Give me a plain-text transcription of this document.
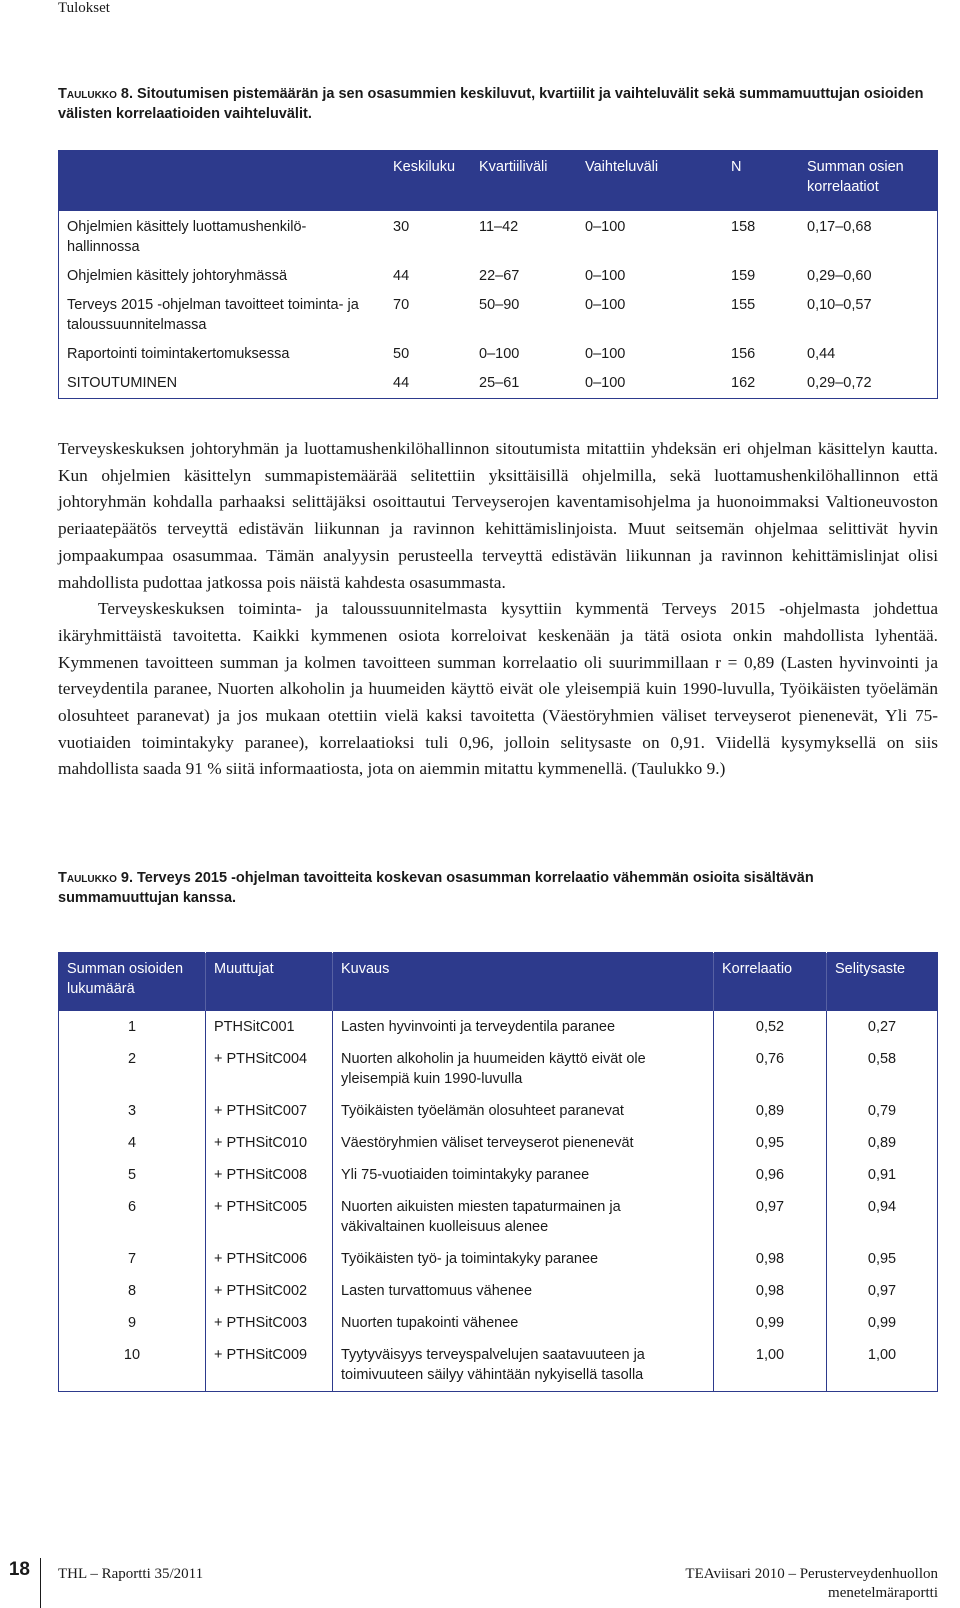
Tulokset
Taulukko 8. Sitoutumisen pistemäärän ja sen osasummien keskiluvut, kvartiilit ja vaihteluvälit sekä summamuuttujan osioiden välisten korrelaatioiden vaihteluvälit.
	Keskiluku	Kvartiiliväli	Vaihteluväli	N	Summan osien korrelaatiot
Ohjelmien käsittely luottamushenkilö-hallinnossa	30	11–42	0–100	158	0,17–0,68
Ohjelmien käsittely johtoryhmässä	44	22–67	0–100	159	0,29–0,60
Terveys 2015 -ohjelman tavoitteet toiminta- ja taloussuunnitelmassa	70	50–90	0–100	155	0,10–0,57
Raportointi toimintakertomuksessa	50	0–100	0–100	156	0,44
SITOUTUMINEN	44	25–61	0–100	162	0,29–0,72

Terveyskeskuksen johtoryhmän ja luottamushenkilöhallinnon sitoutumista mitattiin yhdeksän eri ohjelman käsittelyn kautta. Kun ohjelmien käsittelyn summapistemäärää selitettiin yksittäisillä ohjelmilla, sekä luottamushenkilöhallinnon että johtoryhmän kohdalla parhaaksi selittäjäksi osoittautui Terveyserojen kaventamisohjelma ja huonoimmaksi Valtioneuvoston periaatepäätös terveyttä edistävän liikunnan ja ravinnon kehittämislinjoista. Muut seitsemän ohjelmaa selittivät hyvin jompaakumpaa osasummaa. Tämän analyysin perusteella terveyttä edistävän liikunnan ja ravinnon kehittämislinjat olisi mahdollista pudottaa jatkossa pois näistä kahdesta osasummasta.

Terveyskeskuksen toiminta- ja taloussuunnitelmasta kysyttiin kymmentä Terveys 2015 -ohjelmasta johdettua ikäryhmittäistä tavoitetta. Kaikki kymmenen osiota korreloivat keskenään ja tätä osiota onkin mahdollista lyhentää. Kymmenen tavoitteen summan ja kolmen tavoitteen summan korrelaatio oli suurimmillaan r = 0,89 (Lasten hyvinvointi ja terveydentila paranee, Nuorten alkoholin ja huumeiden käyttö eivät ole yleisempiä kuin 1990-luvulla, Työikäisten työelämän olosuhteet paranevat) ja jos mukaan otettiin vielä kaksi tavoitetta (Väestöryhmien väliset terveyserot pienenevät, Yli 75-vuotiaiden toimintakyky paranee), korrelaatioksi tuli 0,96, jolloin selitysaste on 0,91. Viidellä kysymyksellä on siis mahdollista saada 91 % siitä informaatiosta, jota on aiemmin mitattu kymmenellä. (Taulukko 9.)

Taulukko 9. Terveys 2015 -ohjelman tavoitteita koskevan osasumman korrelaatio vähemmän osioita sisältävän summamuuttujan kanssa.
Summan osioiden lukumäärä	Muuttujat	Kuvaus	Korrelaatio	Selitysaste
1	PTHSitC001	Lasten hyvinvointi ja terveydentila paranee	0,52	0,27
2	+ PTHSitC004	Nuorten alkoholin ja huumeiden käyttö eivät ole yleisempiä kuin 1990-luvulla	0,76	0,58
3	+ PTHSitC007	Työikäisten työelämän olosuhteet paranevat	0,89	0,79
4	+ PTHSitC010	Väestöryhmien väliset terveyserot pienenevät	0,95	0,89
5	+ PTHSitC008	Yli 75-vuotiaiden toimintakyky paranee	0,96	0,91
6	+ PTHSitC005	Nuorten aikuisten miesten tapaturmainen ja väkivaltainen kuolleisuus alenee	0,97	0,94
7	+ PTHSitC006	Työikäisten työ- ja toimintakyky paranee	0,98	0,95
8	+ PTHSitC002	Lasten turvattomuus vähenee	0,98	0,97
9	+ PTHSitC003	Nuorten tupakointi vähenee	0,99	0,99
10	+ PTHSitC009	Tyytyväisyys terveyspalvelujen saatavuuteen ja toimivuuteen säilyy vähintään nykyisellä tasolla	1,00	1,00
18 THL – Raportti 35/2011	TEAviisari 2010 – Perusterveydenhuollon menetelmäraportti
